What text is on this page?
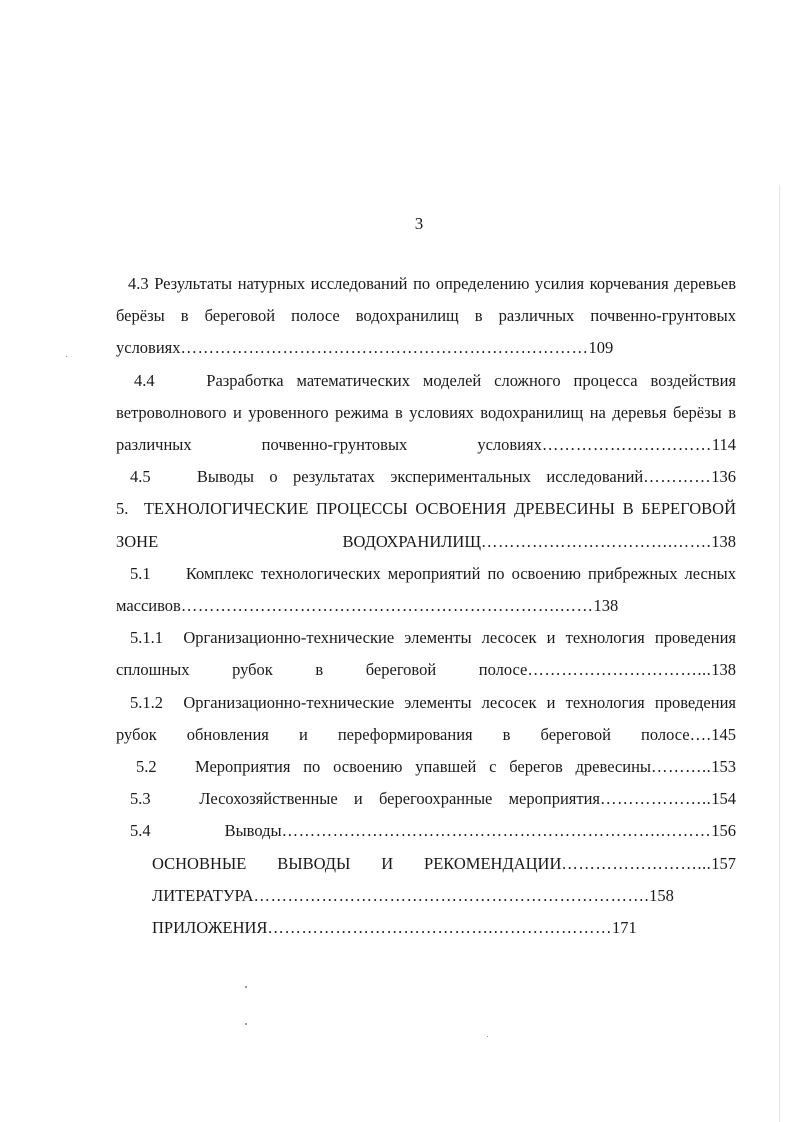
3
4.3 Результаты натурных исследований по определению усилия корчевания деревьев берёзы в береговой полосе водохранилищ в различных почвенно-грунтовых условиях………………………………………………………………109
4.4    Разработка математических моделей сложного процесса воздействия ветроволнового и уровенного режима в условиях водохранилищ на деревья берёзы в различных почвенно-грунтовых условиях…………………………114
4.5   Выводы о результатах экспериментальных исследований…………136
5.  ТЕХНОЛОГИЧЕСКИЕ ПРОЦЕССЫ ОСВОЕНИЯ ДРЕВЕСИНЫ В БЕРЕГОВОЙ ЗОНЕ ВОДОХРАНИЛИЩ…………………………….…….138
5.1     Комплекс технологических мероприятий по освоению прибрежных лесных массивов………………………………………………………….……138
5.1.1  Организационно-технические элементы лесосек и технология проведения сплошных рубок в береговой полосе…………………………...138
5.1.2  Организационно-технические элементы лесосек и технология проведения рубок обновления и переформирования в береговой полосе….145
5.2   Мероприятия по освоению упавшей с берегов древесины………..153
5.3   Лесохозяйственные и берегоохранные мероприятия………………..154
5.4   Выводы………………………………………………………….………156
ОСНОВНЫЕ ВЫВОДЫ И РЕКОМЕНДАЦИИ……………………...157
ЛИТЕРАТУРА…………………………………………………………….158
ПРИЛОЖЕНИЯ………………………………….…………………171
